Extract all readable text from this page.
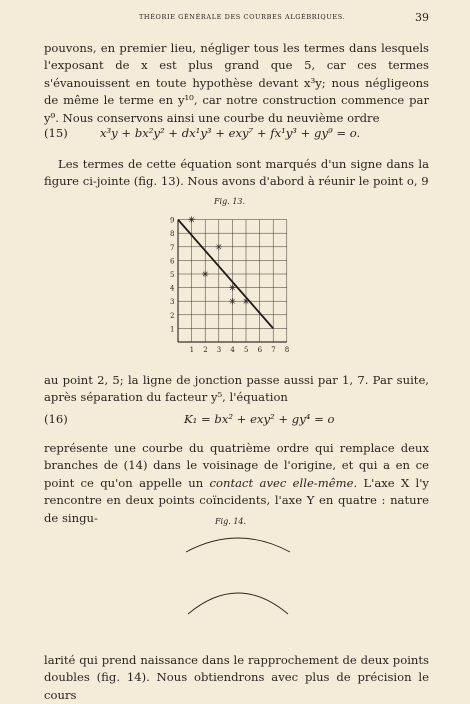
THÉORIE GÉNÉRALE DES COURBES ALGÉBRIQUES.	39

pouvons, en premier lieu, négliger tous les termes dans lesquels l'exposant de x est plus grand que 5, car ces termes s'évanouissent en toute hypothèse devant x³y; nous négligeons de même le terme en y¹⁰, car notre construction commence par y⁹. Nous conservons ainsi une courbe du neuvième ordre

(15)	x³y + bx²y² + dx¹y³ + exy⁷ + fx¹y³ + gy⁹ = o.

Les termes de cette équation sont marqués d'un signe dans la figure ci-jointe (fig. 13). Nous avons d'abord à réunir le point o, 9

Fig. 13.
1 2 3 4 5 6 7 8
1
2
3
4
5
6
7
8
9

au point 2, 5; la ligne de jonction passe aussi par 1, 7. Par suite, après séparation du facteur y⁵, l'équation

(16)	K₁ = bx² + exy² + gy⁴ = o

représente une courbe du quatrième ordre qui remplace deux branches de (14) dans le voisinage de l'origine, et qui a en ce point ce qu'on appelle un contact avec elle-même. L'axe X l'y rencontre en deux points coïncidents, l'axe Y en quatre : nature de singu-	Fig. 14.

larité qui prend naissance dans le rapprochement de deux points doubles (fig. 14). Nous obtiendrons avec plus de précision le cours
